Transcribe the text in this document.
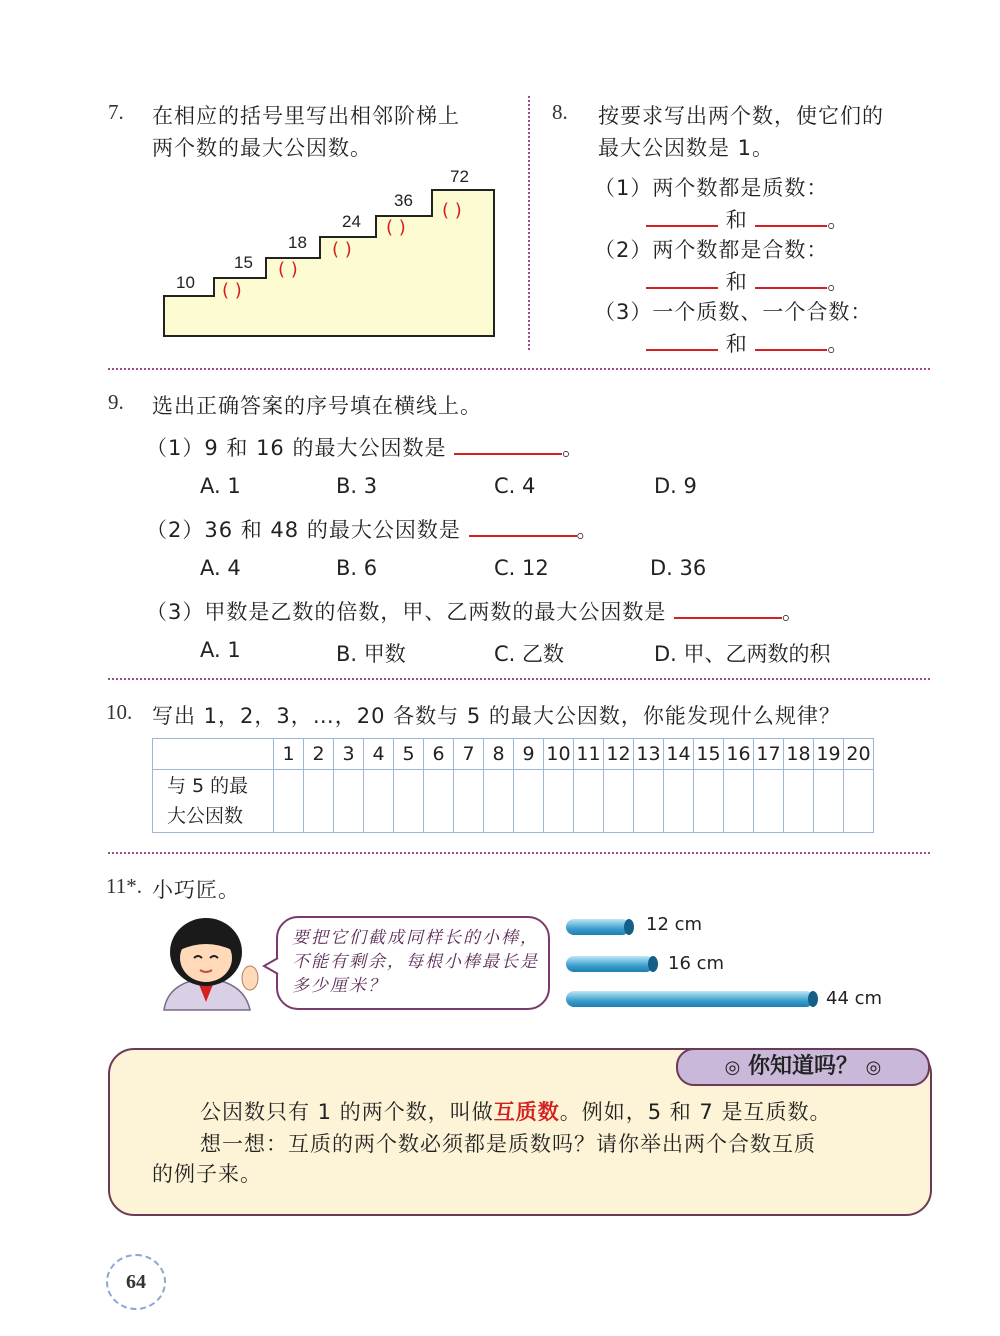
7. 在相应的括号里写出相邻阶梯上
两个数的最大公因数。
10
15
18
24
36
72
( )
( )
( )
( )
( )
8. 按要求写出两个数，使它们的
最大公因数是 1。
（1）两个数都是质数：
和	。
（2）两个数都是合数：
和	。
（3）一个质数、一个合数：
和	。
9. 选出正确答案的序号填在横线上。
（1）9 和 16 的最大公因数是	。
A. 1	B. 3	C. 4	D. 9
（2）36 和 48 的最大公因数是	。
A. 4	B. 6	C. 12	D. 36
（3）甲数是乙数的倍数，甲、乙两数的最大公因数是	。
A. 1	B. 甲数	C. 乙数	D. 甲、乙两数的积
10. 写出 1，2，3，…，20 各数与 5 的最大公因数，你能发现什么规律？
	1	2	3	4	5	6	7	8	9	10	11	12	13	14	15	16	17	18	19	20
与 5 的最
大公因数																				
11*. 小巧匠。
要把它们截成同样长的小棒，不能有剩余，每根小棒最长是多少厘米？
12 cm
16 cm
44 cm
◎ 你知道吗？ ◎
公因数只有 1 的两个数，叫做互质数。例如，5 和 7 是互质数。
想一想：互质的两个数必须都是质数吗？请你举出两个合数互质
的例子来。
64
